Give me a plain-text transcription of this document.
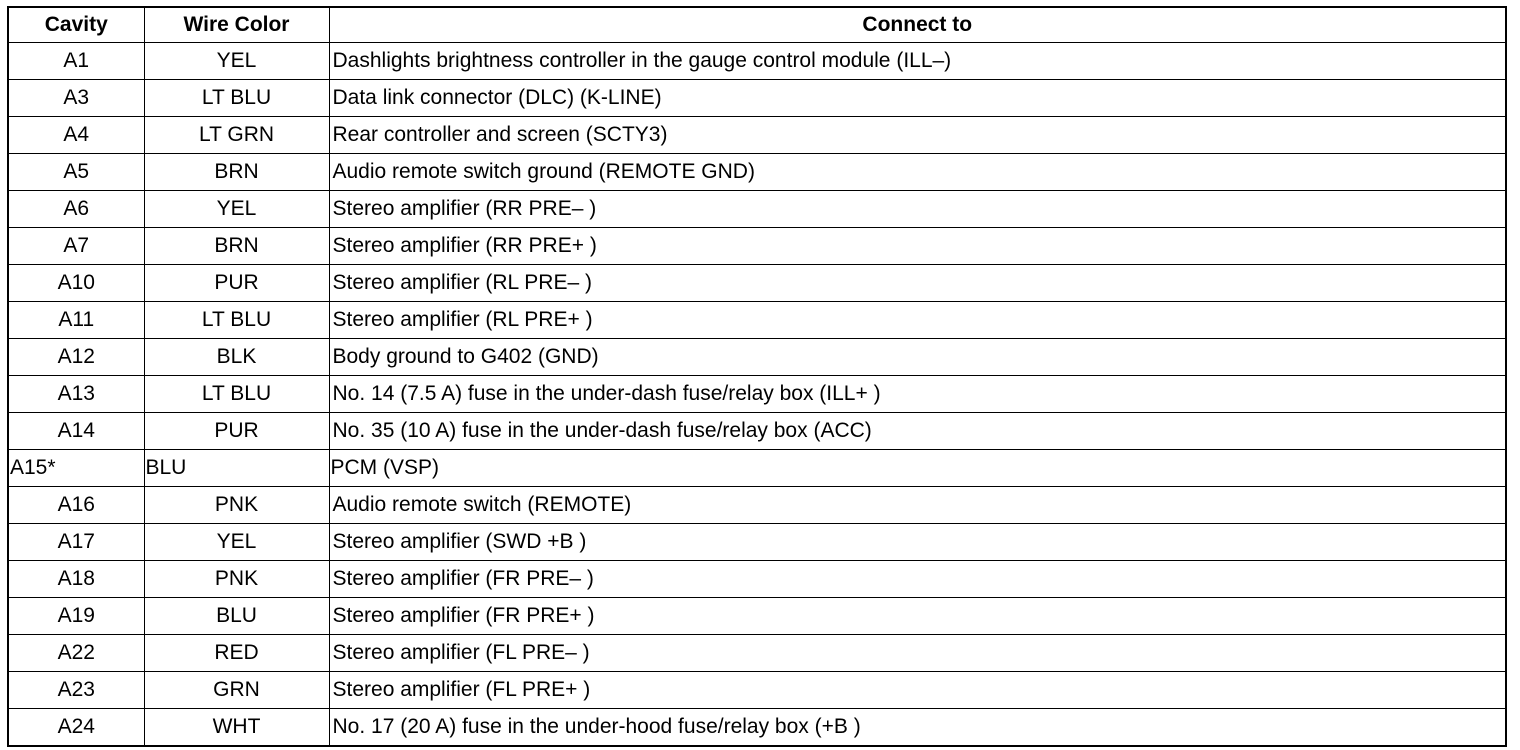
Cavity	Wire Color	Connect to
A1	YEL	Dashlights brightness controller in the gauge control module (ILL–)
A3	LT BLU	Data link connector (DLC) (K-LINE)
A4	LT GRN	Rear controller and screen (SCTY3)
A5	BRN	Audio remote switch ground (REMOTE GND)
A6	YEL	Stereo amplifier (RR PRE– )
A7	BRN	Stereo amplifier (RR PRE+ )
A10	PUR	Stereo amplifier (RL PRE– )
A11	LT BLU	Stereo amplifier (RL PRE+ )
A12	BLK	Body ground to G402 (GND)
A13	LT BLU	No. 14 (7.5 A) fuse in the under-dash fuse/relay box (ILL+ )
A14	PUR	No. 35 (10 A) fuse in the under-dash fuse/relay box (ACC)
A15*	BLU	PCM (VSP)
A16	PNK	Audio remote switch (REMOTE)
A17	YEL	Stereo amplifier (SWD +B )
A18	PNK	Stereo amplifier (FR PRE– )
A19	BLU	Stereo amplifier (FR PRE+ )
A22	RED	Stereo amplifier (FL PRE– )
A23	GRN	Stereo amplifier (FL PRE+ )
A24	WHT	No. 17 (20 A) fuse in the under-hood fuse/relay box (+B )
